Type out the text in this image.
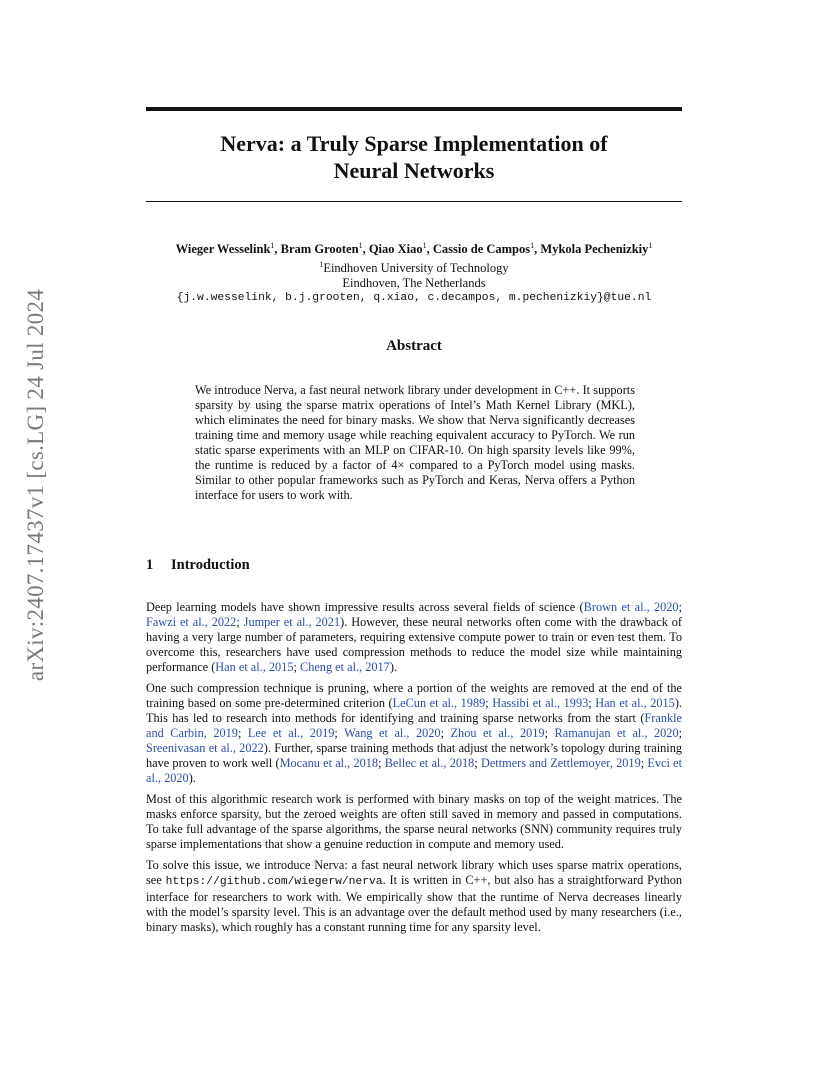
arXiv:2407.17437v1 [cs.LG] 24 Jul 2024
Nerva: a Truly Sparse Implementation of
Neural Networks
Wieger Wesselink$^1$, Bram Grooten$^1$, Qiao Xiao$^1$, Cassio de Campos$^1$, Mykola Pechenizkiy$^1$
$^1$Eindhoven University of Technology
Eindhoven, The Netherlands
{j.w.wesselink, b.j.grooten, q.xiao, c.decampos, m.pechenizkiy}@tue.nl
Abstract

We introduce Nerva, a fast neural network library under development in C++. It supports sparsity by using the sparse matrix operations of Intel’s Math Kernel Library (MKL), which eliminates the need for binary masks. We show that Nerva significantly decreases training time and memory usage while reaching equivalent accuracy to PyTorch. We run static sparse experiments with an MLP on CIFAR-10. On high sparsity levels like 99%, the runtime is reduced by a factor of 4× compared to a PyTorch model using masks. Similar to other popular frameworks such as PyTorch and Keras, Nerva offers a Python interface for users to work with.

1 Introduction

Deep learning models have shown impressive results across several fields of science (Brown et al., 2020; Fawzi et al., 2022; Jumper et al., 2021). However, these neural networks often come with the drawback of having a very large number of parameters, requiring extensive compute power to train or even test them. To overcome this, researchers have used compression methods to reduce the model size while maintaining performance (Han et al., 2015; Cheng et al., 2017).

One such compression technique is pruning, where a portion of the weights are removed at the end of the training based on some pre-determined criterion (LeCun et al., 1989; Hassibi et al., 1993; Han et al., 2015). This has led to research into methods for identifying and training sparse networks from the start (Frankle and Carbin, 2019; Lee et al., 2019; Wang et al., 2020; Zhou et al., 2019; Ramanujan et al., 2020; Sreenivasan et al., 2022). Further, sparse training methods that adjust the network’s topology during training have proven to work well (Mocanu et al., 2018; Bellec et al., 2018; Dettmers and Zettlemoyer, 2019; Evci et al., 2020).

Most of this algorithmic research work is performed with binary masks on top of the weight matrices. The masks enforce sparsity, but the zeroed weights are often still saved in memory and passed in computations. To take full advantage of the sparse algorithms, the sparse neural networks (SNN) community requires truly sparse implementations that show a genuine reduction in compute and memory used.

To solve this issue, we introduce Nerva: a fast neural network library which uses sparse matrix operations, see https://github.com/wiegerw/nerva. It is written in C++, but also has a straightforward Python interface for researchers to work with. We empirically show that the runtime of Nerva decreases linearly with the model’s sparsity level. This is an advantage over the default method used by many researchers (i.e., binary masks), which roughly has a constant running time for any sparsity level.
